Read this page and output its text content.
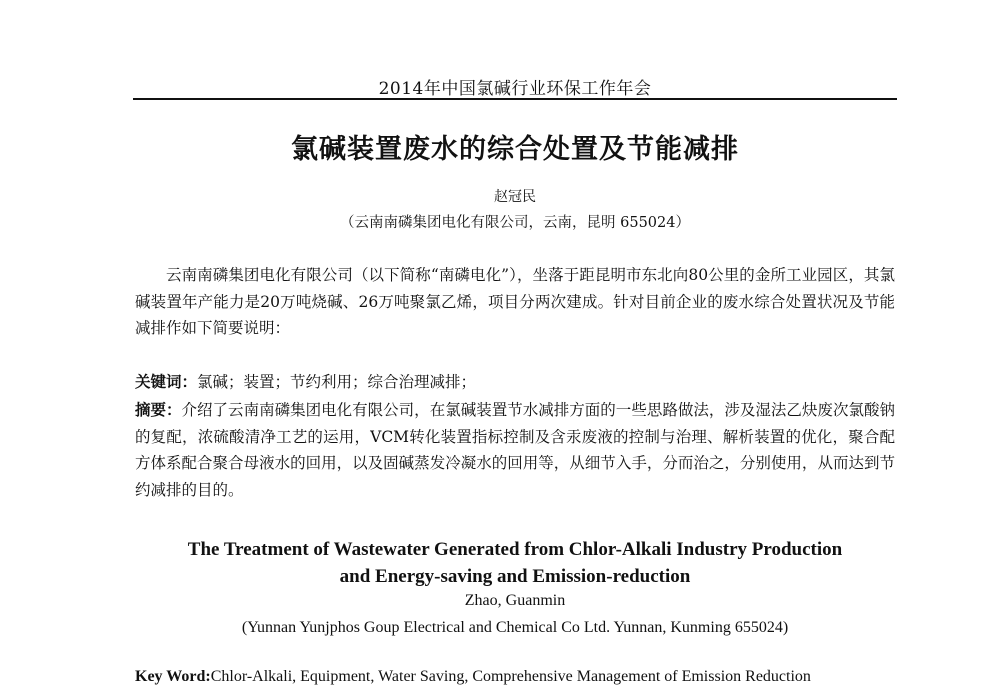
2014年中国氯碱行业环保工作年会
氯碱装置废水的综合处置及节能减排
赵冠民
（云南南磷集团电化有限公司，云南，昆明 655024）
云南南磷集团电化有限公司（以下简称“南磷电化”），坐落于距昆明市东北向80公里的金所工业园区，其氯碱装置年产能力是20万吨烧碱、26万吨聚氯乙烯，项目分两次建成。针对目前企业的废水综合处置状况及节能减排作如下简要说明：
关键词：氯碱；装置；节约利用；综合治理减排；
摘要：介绍了云南南磷集团电化有限公司，在氯碱装置节水减排方面的一些思路做法，涉及湿法乙炔废次氯酸钠的复配，浓硫酸清净工艺的运用，VCM转化装置指标控制及含汞废液的控制与治理、解析装置的优化，聚合配方体系配合聚合母液水的回用，以及固碱蒸发冷凝水的回用等，从细节入手，分而治之，分别使用，从而达到节约减排的目的。
The Treatment of Wastewater Generated from Chlor-Alkali Industry Production
and Energy-saving and Emission-reduction
Zhao, Guanmin
(Yunnan Yunjphos Goup Electrical and Chemical Co Ltd. Yunnan, Kunming 655024)
Key Word:Chlor-Alkali, Equipment, Water Saving, Comprehensive Management of Emission Reduction
